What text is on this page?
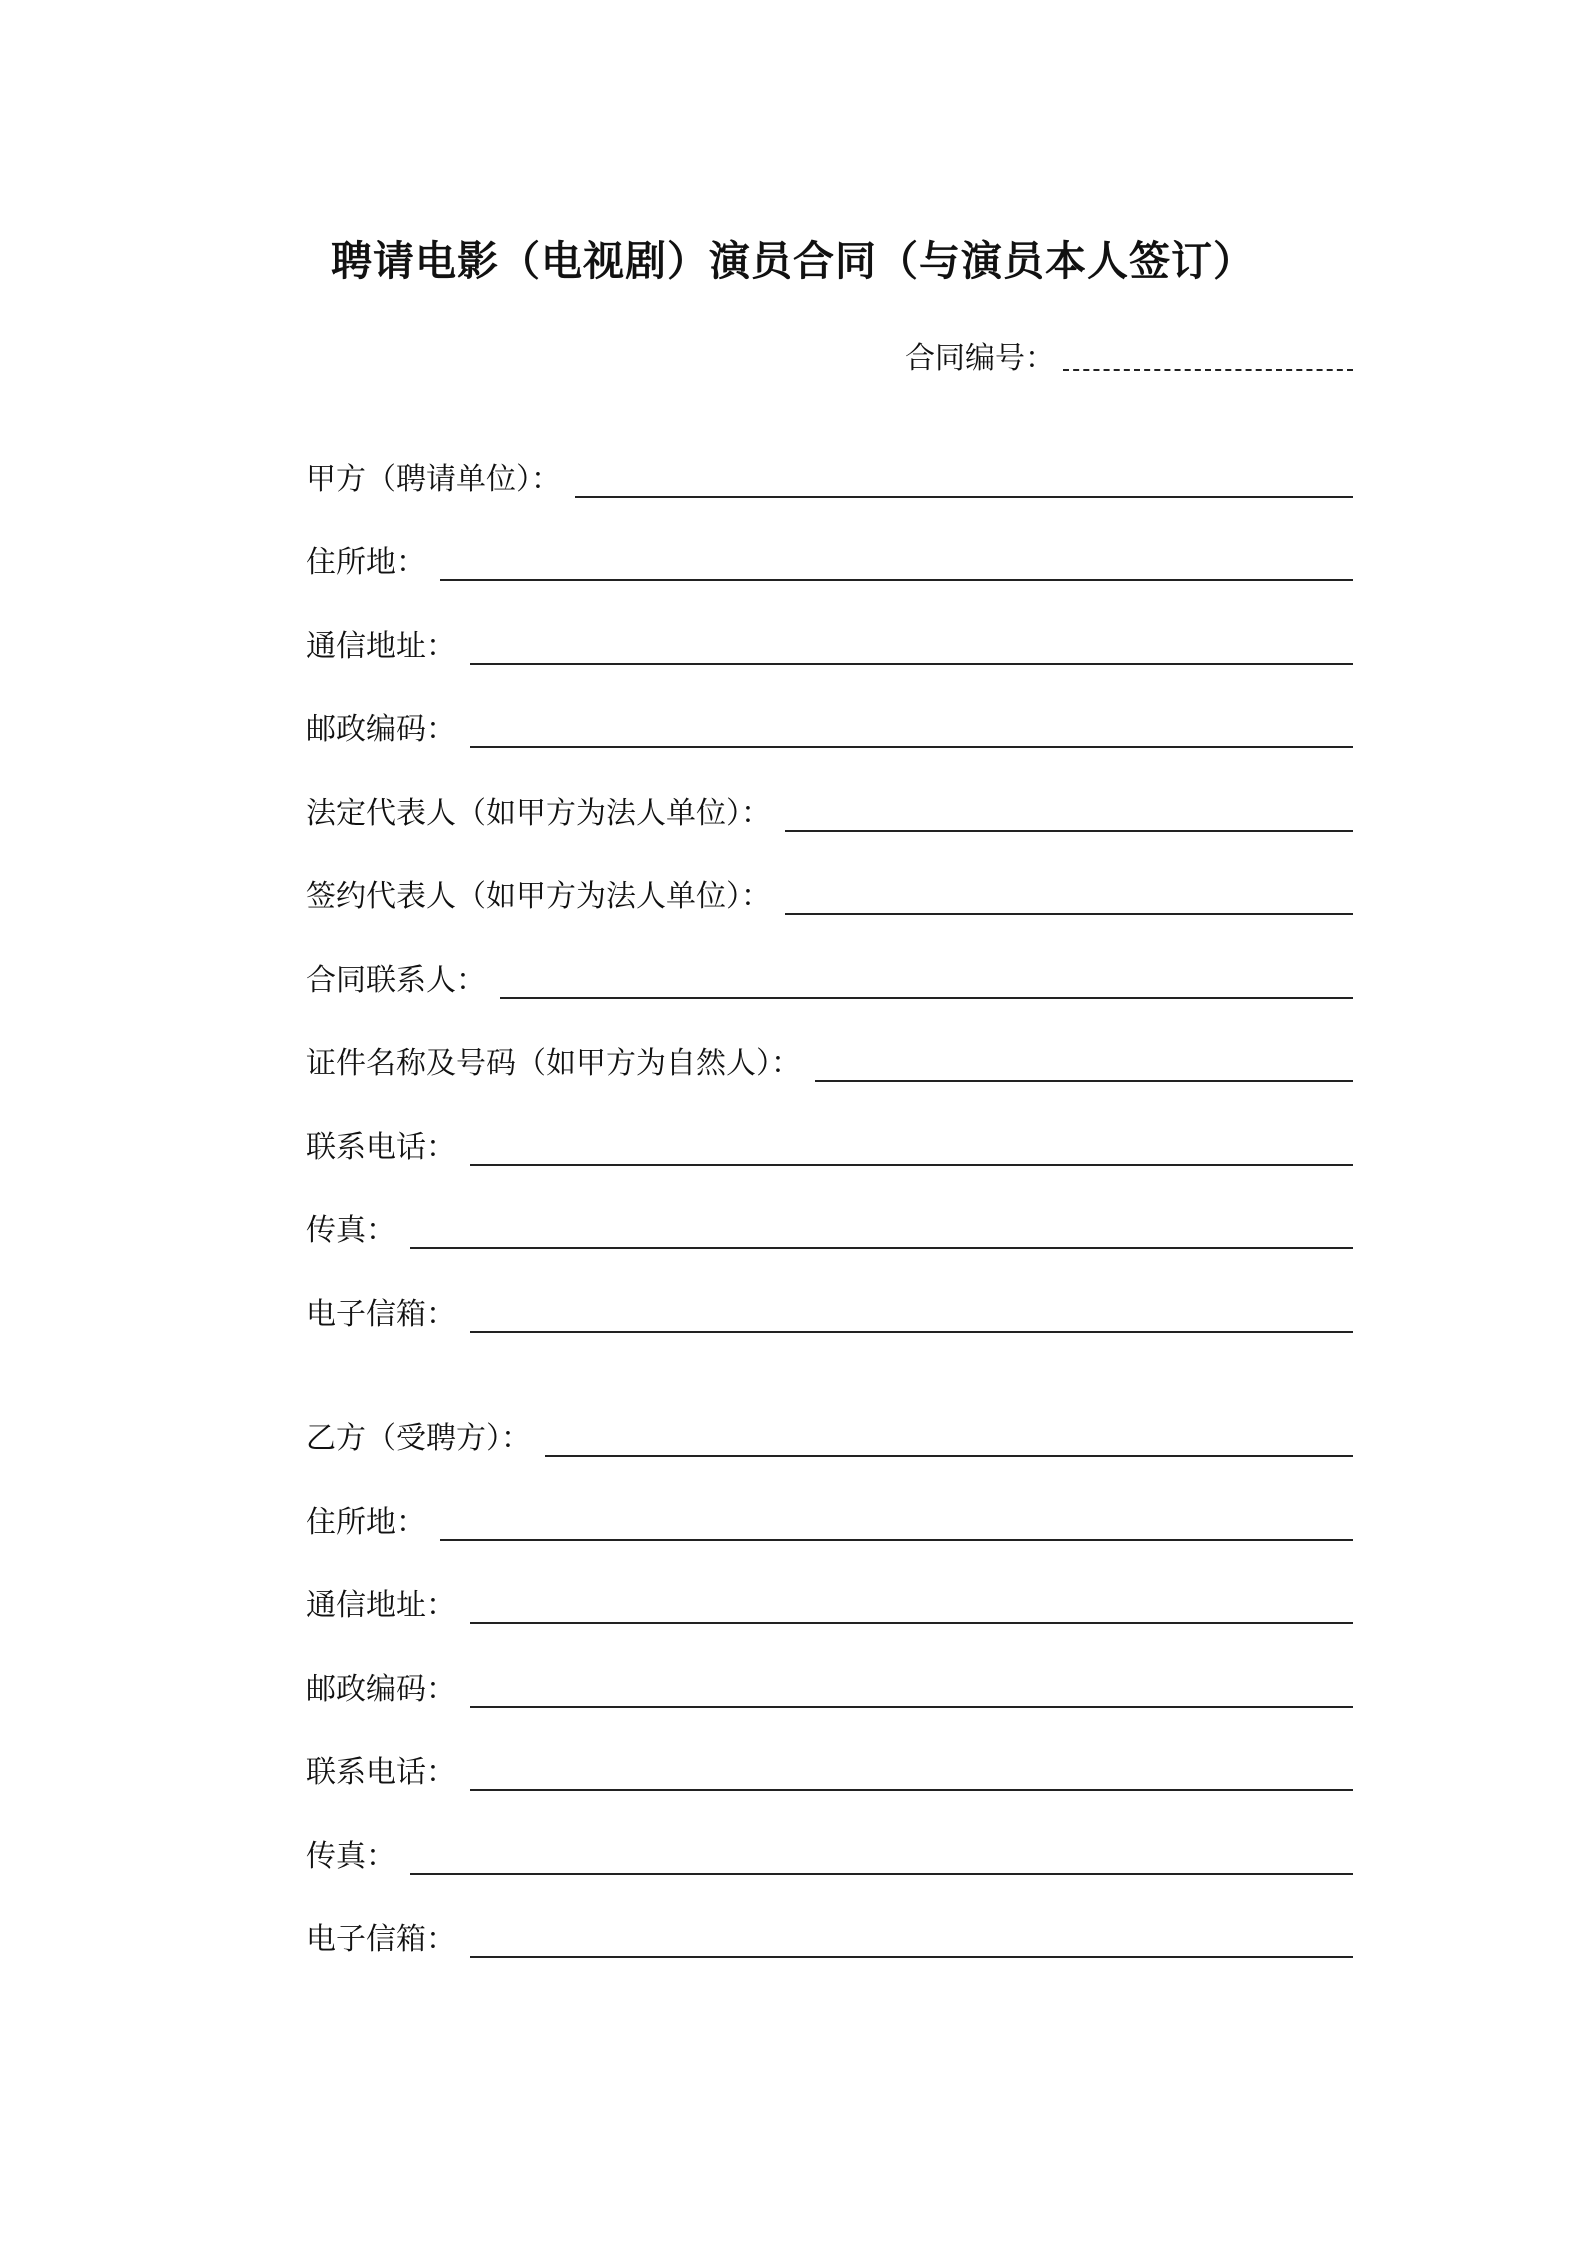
聘请电影（电视剧）演员合同（与演员本人签订）
合同编号：
甲方（聘请单位）：
住所地：
通信地址：
邮政编码：
法定代表人（如甲方为法人单位）：
签约代表人（如甲方为法人单位）：
合同联系人：
证件名称及号码（如甲方为自然人）：
联系电话：
传真：
电子信箱：
乙方（受聘方）：
住所地：
通信地址：
邮政编码：
联系电话：
传真：
电子信箱：
